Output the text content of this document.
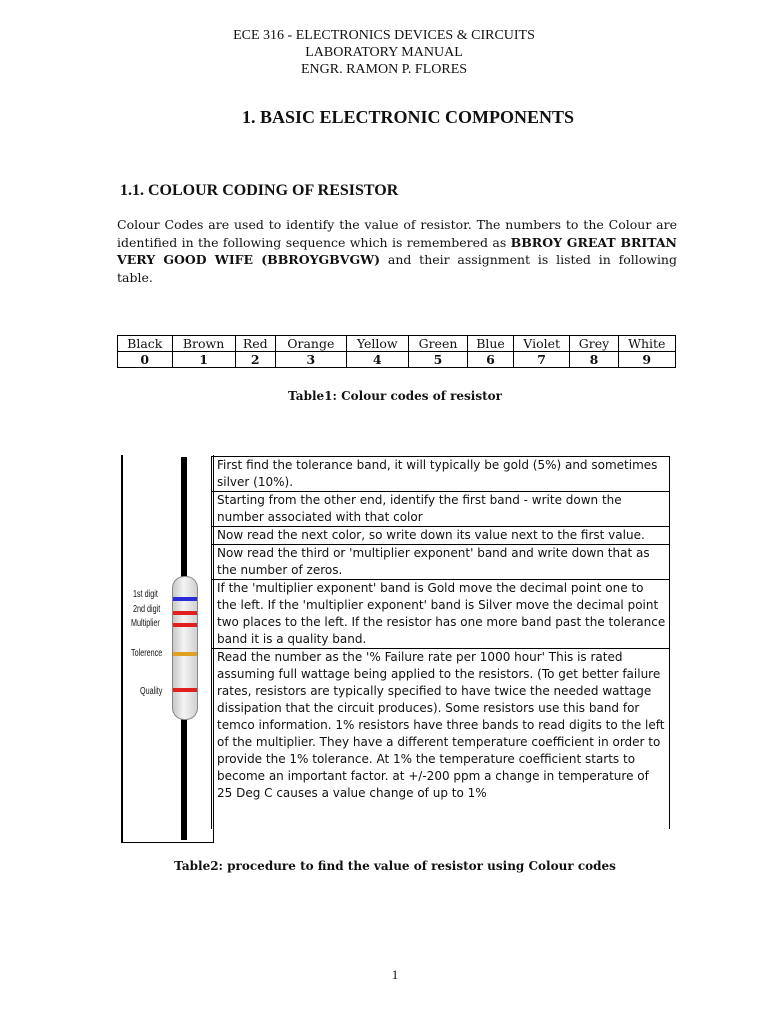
ECE 316 - ELECTRONICS DEVICES & CIRCUITS
LABORATORY MANUAL
ENGR. RAMON P. FLORES
1. BASIC ELECTRONIC COMPONENTS
1.1. COLOUR CODING OF RESISTOR
Colour Codes are used to identify the value of resistor. The numbers to the Colour are identified in the following sequence which is remembered as BBROY GREAT BRITAN VERY GOOD WIFE (BBROYGBVGW) and their assignment is listed in following table.
Black	Brown	Red	Orange	Yellow	Green	Blue	Violet	Grey	White
0	1	2	3	4	5	6	7	8	9
Table1: Colour codes of resistor
1st digit
2nd digit
Multiplier
Tolerence
Quality
First find the tolerance band, it will typically be gold (5%) and sometimes silver (10%).
Starting from the other end, identify the first band - write down the number associated with that color
Now read the next color, so write down its value next to the first value.
Now read the third or 'multiplier exponent' band and write down that as the number of zeros.
If the 'multiplier exponent' band is Gold move the decimal point one to the left. If the 'multiplier exponent' band is Silver move the decimal point two places to the left. If the resistor has one more band past the tolerance band it is a quality band.
Read the number as the '% Failure rate per 1000 hour' This is rated assuming full wattage being applied to the resistors. (To get better failure rates, resistors are typically specified to have twice the needed wattage dissipation that the circuit produces). Some resistors use this band for temco information. 1% resistors have three bands to read digits to the left of the multiplier. They have a different temperature coefficient in order to provide the 1% tolerance. At 1% the temperature coefficient starts to become an important factor. at +/-200 ppm a change in temperature of 25 Deg C causes a value change of up to 1%
Table2: procedure to find the value of resistor using Colour codes
1
